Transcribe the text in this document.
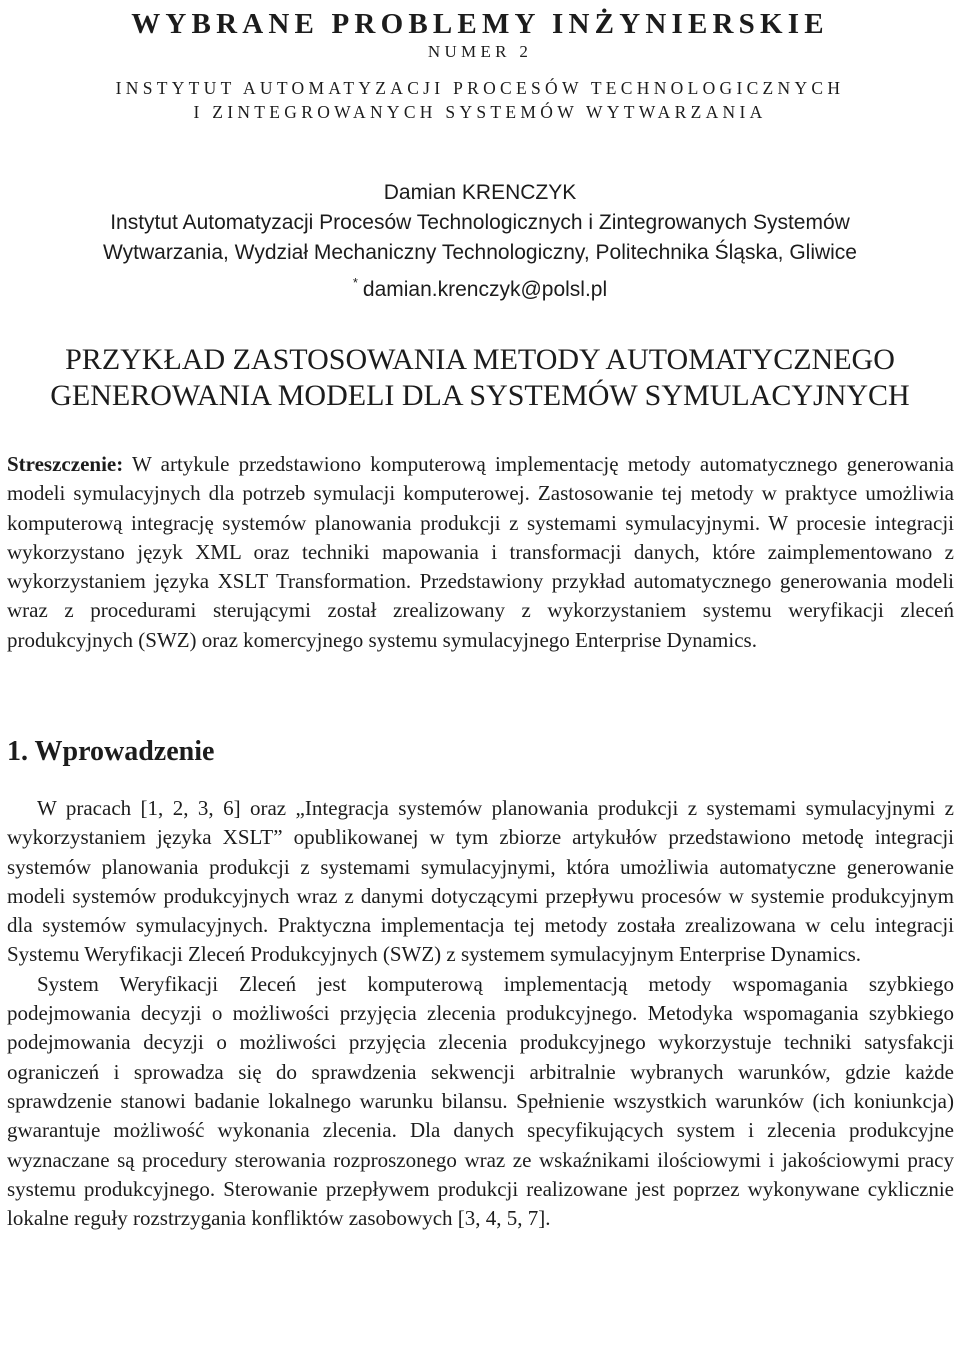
WYBRANE PROBLEMY INŻYNIERSKIE
NUMER 2
INSTYTUT AUTOMATYZACJI PROCESÓW TECHNOLOGICZNYCH
I ZINTEGROWANYCH SYSTEMÓW WYTWARZANIA
Damian KRENCZYK
Instytut Automatyzacji Procesów Technologicznych i Zintegrowanych Systemów
Wytwarzania, Wydział Mechaniczny Technologiczny, Politechnika Śląska, Gliwice
* damian.krenczyk@polsl.pl
PRZYKŁAD ZASTOSOWANIA METODY AUTOMATYCZNEGO
GENEROWANIA MODELI DLA SYSTEMÓW SYMULACYJNYCH
Streszczenie: W artykule przedstawiono komputerową implementację metody automatycznego generowania modeli symulacyjnych dla potrzeb symulacji komputerowej. Zastosowanie tej metody w praktyce umożliwia komputerową integrację systemów planowania produkcji z systemami symulacyjnymi. W procesie integracji wykorzystano język XML oraz techniki mapowania i transformacji danych, które zaimplementowano z wykorzystaniem języka XSLT Transformation. Przedstawiony przykład automatycznego generowania modeli wraz z procedurami sterującymi został zrealizowany z wykorzystaniem systemu weryfikacji zleceń produkcyjnych (SWZ) oraz komercyjnego systemu symulacyjnego Enterprise Dynamics.
1. Wprowadzenie

W pracach [1, 2, 3, 6] oraz „Integracja systemów planowania produkcji z systemami symulacyjnymi z wykorzystaniem języka XSLT” opublikowanej w tym zbiorze artykułów przedstawiono metodę integracji systemów planowania produkcji z systemami symulacyjnymi, która umożliwia automatyczne generowanie modeli systemów produkcyjnych wraz z danymi dotyczącymi przepływu procesów w systemie produkcyjnym dla systemów symulacyjnych. Praktyczna implementacja tej metody została zrealizowana w celu integracji Systemu Weryfikacji Zleceń Produkcyjnych (SWZ) z systemem symulacyjnym Enterprise Dynamics.

System Weryfikacji Zleceń jest komputerową implementacją metody wspomagania szybkiego podejmowania decyzji o możliwości przyjęcia zlecenia produkcyjnego. Metodyka wspomagania szybkiego podejmowania decyzji o możliwości przyjęcia zlecenia produkcyjnego wykorzystuje techniki satysfakcji ograniczeń i sprowadza się do sprawdzenia sekwencji arbitralnie wybranych warunków, gdzie każde sprawdzenie stanowi badanie lokalnego warunku bilansu. Spełnienie wszystkich warunków (ich koniunkcja) gwarantuje możliwość wykonania zlecenia. Dla danych specyfikujących system i zlecenia produkcyjne wyznaczane są procedury sterowania rozproszonego wraz ze wskaźnikami ilościowymi i jakościowymi pracy systemu produkcyjnego. Sterowanie przepływem produkcji realizowane jest poprzez wykonywane cyklicznie lokalne reguły rozstrzygania konfliktów zasobowych [3, 4, 5, 7].
